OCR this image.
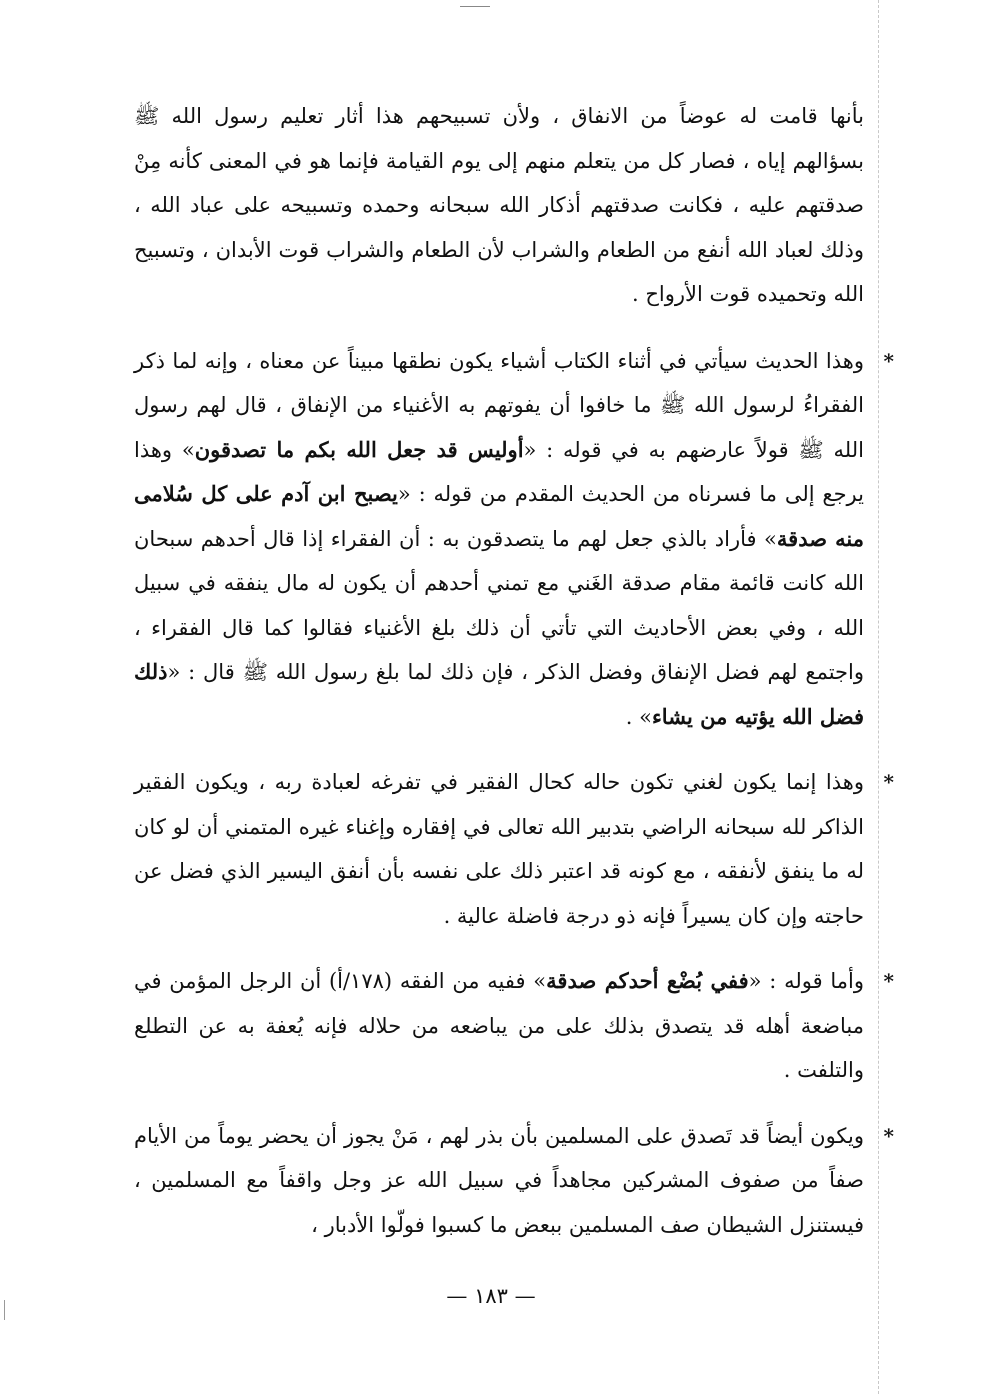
بأنها قامت له عوضاً من الانفاق ، ولأن تسبيحهم هذا أثار تعليم رسول الله ﷺ بسؤالهم إياه ، فصار كل من يتعلم منهم إلى يوم القيامة فإنما هو في المعنى كأنه مِنْ صدقتهم عليه ، فكانت صدقتهم أذكار الله سبحانه وحمده وتسبيحه على عباد الله ، وذلك لعباد الله أنفع من الطعام والشراب لأن الطعام والشراب قوت الأبدان ، وتسبيح الله وتحميده قوت الأرواح .

*
وهذا الحديث سيأتي في أثناء الكتاب أشياء يكون نطقها مبيناً عن معناه ، وإنه لما ذكر الفقراءُ لرسول الله ﷺ ما خافوا أن يفوتهم به الأغنياء من الإنفاق ، قال لهم رسول الله ﷺ قولاً عارضهم به في قوله : «أوليس قد جعل الله بكم ما تصدقون» وهذا يرجع إلى ما فسرناه من الحديث المقدم من قوله : «يصبح ابن آدم على كل سُلامى منه صدقة» فأراد بالذي جعل لهم ما يتصدقون به : أن الفقراء إذا قال أحدهم سبحان الله كانت قائمة مقام صدقة الغَني مع تمني أحدهم أن يكون له مال ينفقه في سبيل الله ، وفي بعض الأحاديث التي تأتي أن ذلك بلغ الأغنياء فقالوا كما قال الفقراء ، واجتمع لهم فضل الإنفاق وفضل الذكر ، فإن ذلك لما بلغ رسول الله ﷺ قال : «ذلك فضل الله يؤتيه من يشاء» .

*
وهذا إنما يكون لغني تكون حاله كحال الفقير في تفرغه لعبادة ربه ، ويكون الفقير الذاكر لله سبحانه الراضي بتدبير الله تعالى في إفقاره وإغناء غيره المتمني أن لو كان له ما ينفق لأنفقه ، مع كونه قد اعتبر ذلك على نفسه بأن أنفق اليسير الذي فضل عن حاجته وإن كان يسيراً فإنه ذو درجة فاضلة عالية .

*
وأما قوله : «ففي بُضْع أحدكم صدقة» ففيه من الفقه (١٧٨/أ) أن الرجل المؤمن في مباضعة أهله قد يتصدق بذلك على من يباضعه من حلاله فإنه يُعفة به عن التطلع والتلفت .

*
ويكون أيضاً قد تَصدق على المسلمين بأن بذر لهم ، مَنْ يجوز أن يحضر يوماً من الأيام صفاً من صفوف المشركين مجاهداً في سبيل الله عز وجل واقفاً مع المسلمين ، فيستنزل الشيطان صف المسلمين ببعض ما كسبوا فولّوا الأدبار ،

— ١٨٣ —
